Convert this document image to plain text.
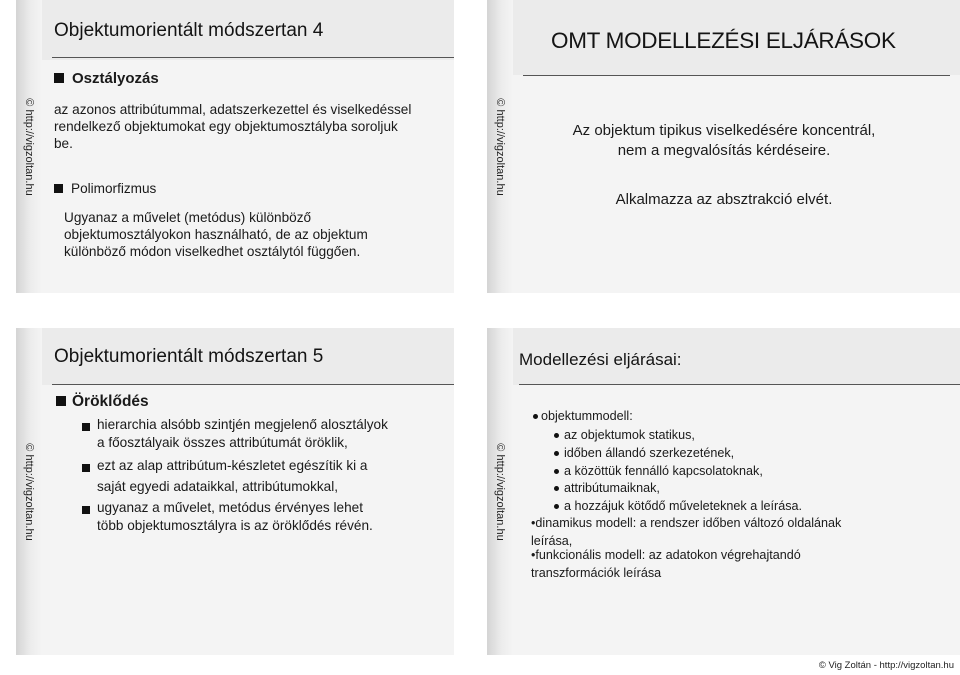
© http://vigzoltan.hu
Objektumorientált módszertan 4
Osztályozás
az azonos attribútummal, adatszerkezettel és viselkedéssel
rendelkező objektumokat egy objektumosztályba soroljuk
be.
Polimorfizmus
Ugyanaz a művelet (metódus) különböző
objektumosztályokon használható, de az objektum
különböző módon viselkedhet osztálytól függően.
© http://vigzoltan.hu
OMT MODELLEZÉSI ELJÁRÁSOK
Az objektum tipikus viselkedésére koncentrál,
nem a megvalósítás kérdéseire.
Alkalmazza az absztrakció elvét.
© http://vigzoltan.hu
Objektumorientált módszertan 5
Öröklődés
hierarchia alsóbb szintjén megjelenő alosztályok
a főosztályaik összes attribútumát öröklik,
ezt az alap attribútum-készletet egészítik ki a
saját egyedi adataikkal, attribútumokkal,
ugyanaz a művelet, metódus érvényes lehet
több objektumosztályra is az öröklődés révén.	© http://vigzoltan.hu
Modellezési eljárásai:
objektummodell:
az objektumok statikus,
időben állandó szerkezetének,
a közöttük fennálló kapcsolatoknak,
attribútumaiknak,
a hozzájuk kötődő műveleteknek a leírása.
•dinamikus modell: a rendszer időben változó oldalának
leírása,
•funkcionális modell: az adatokon végrehajtandó
transzformációk leírása
© Vig Zoltán - http://vigzoltan.hu
